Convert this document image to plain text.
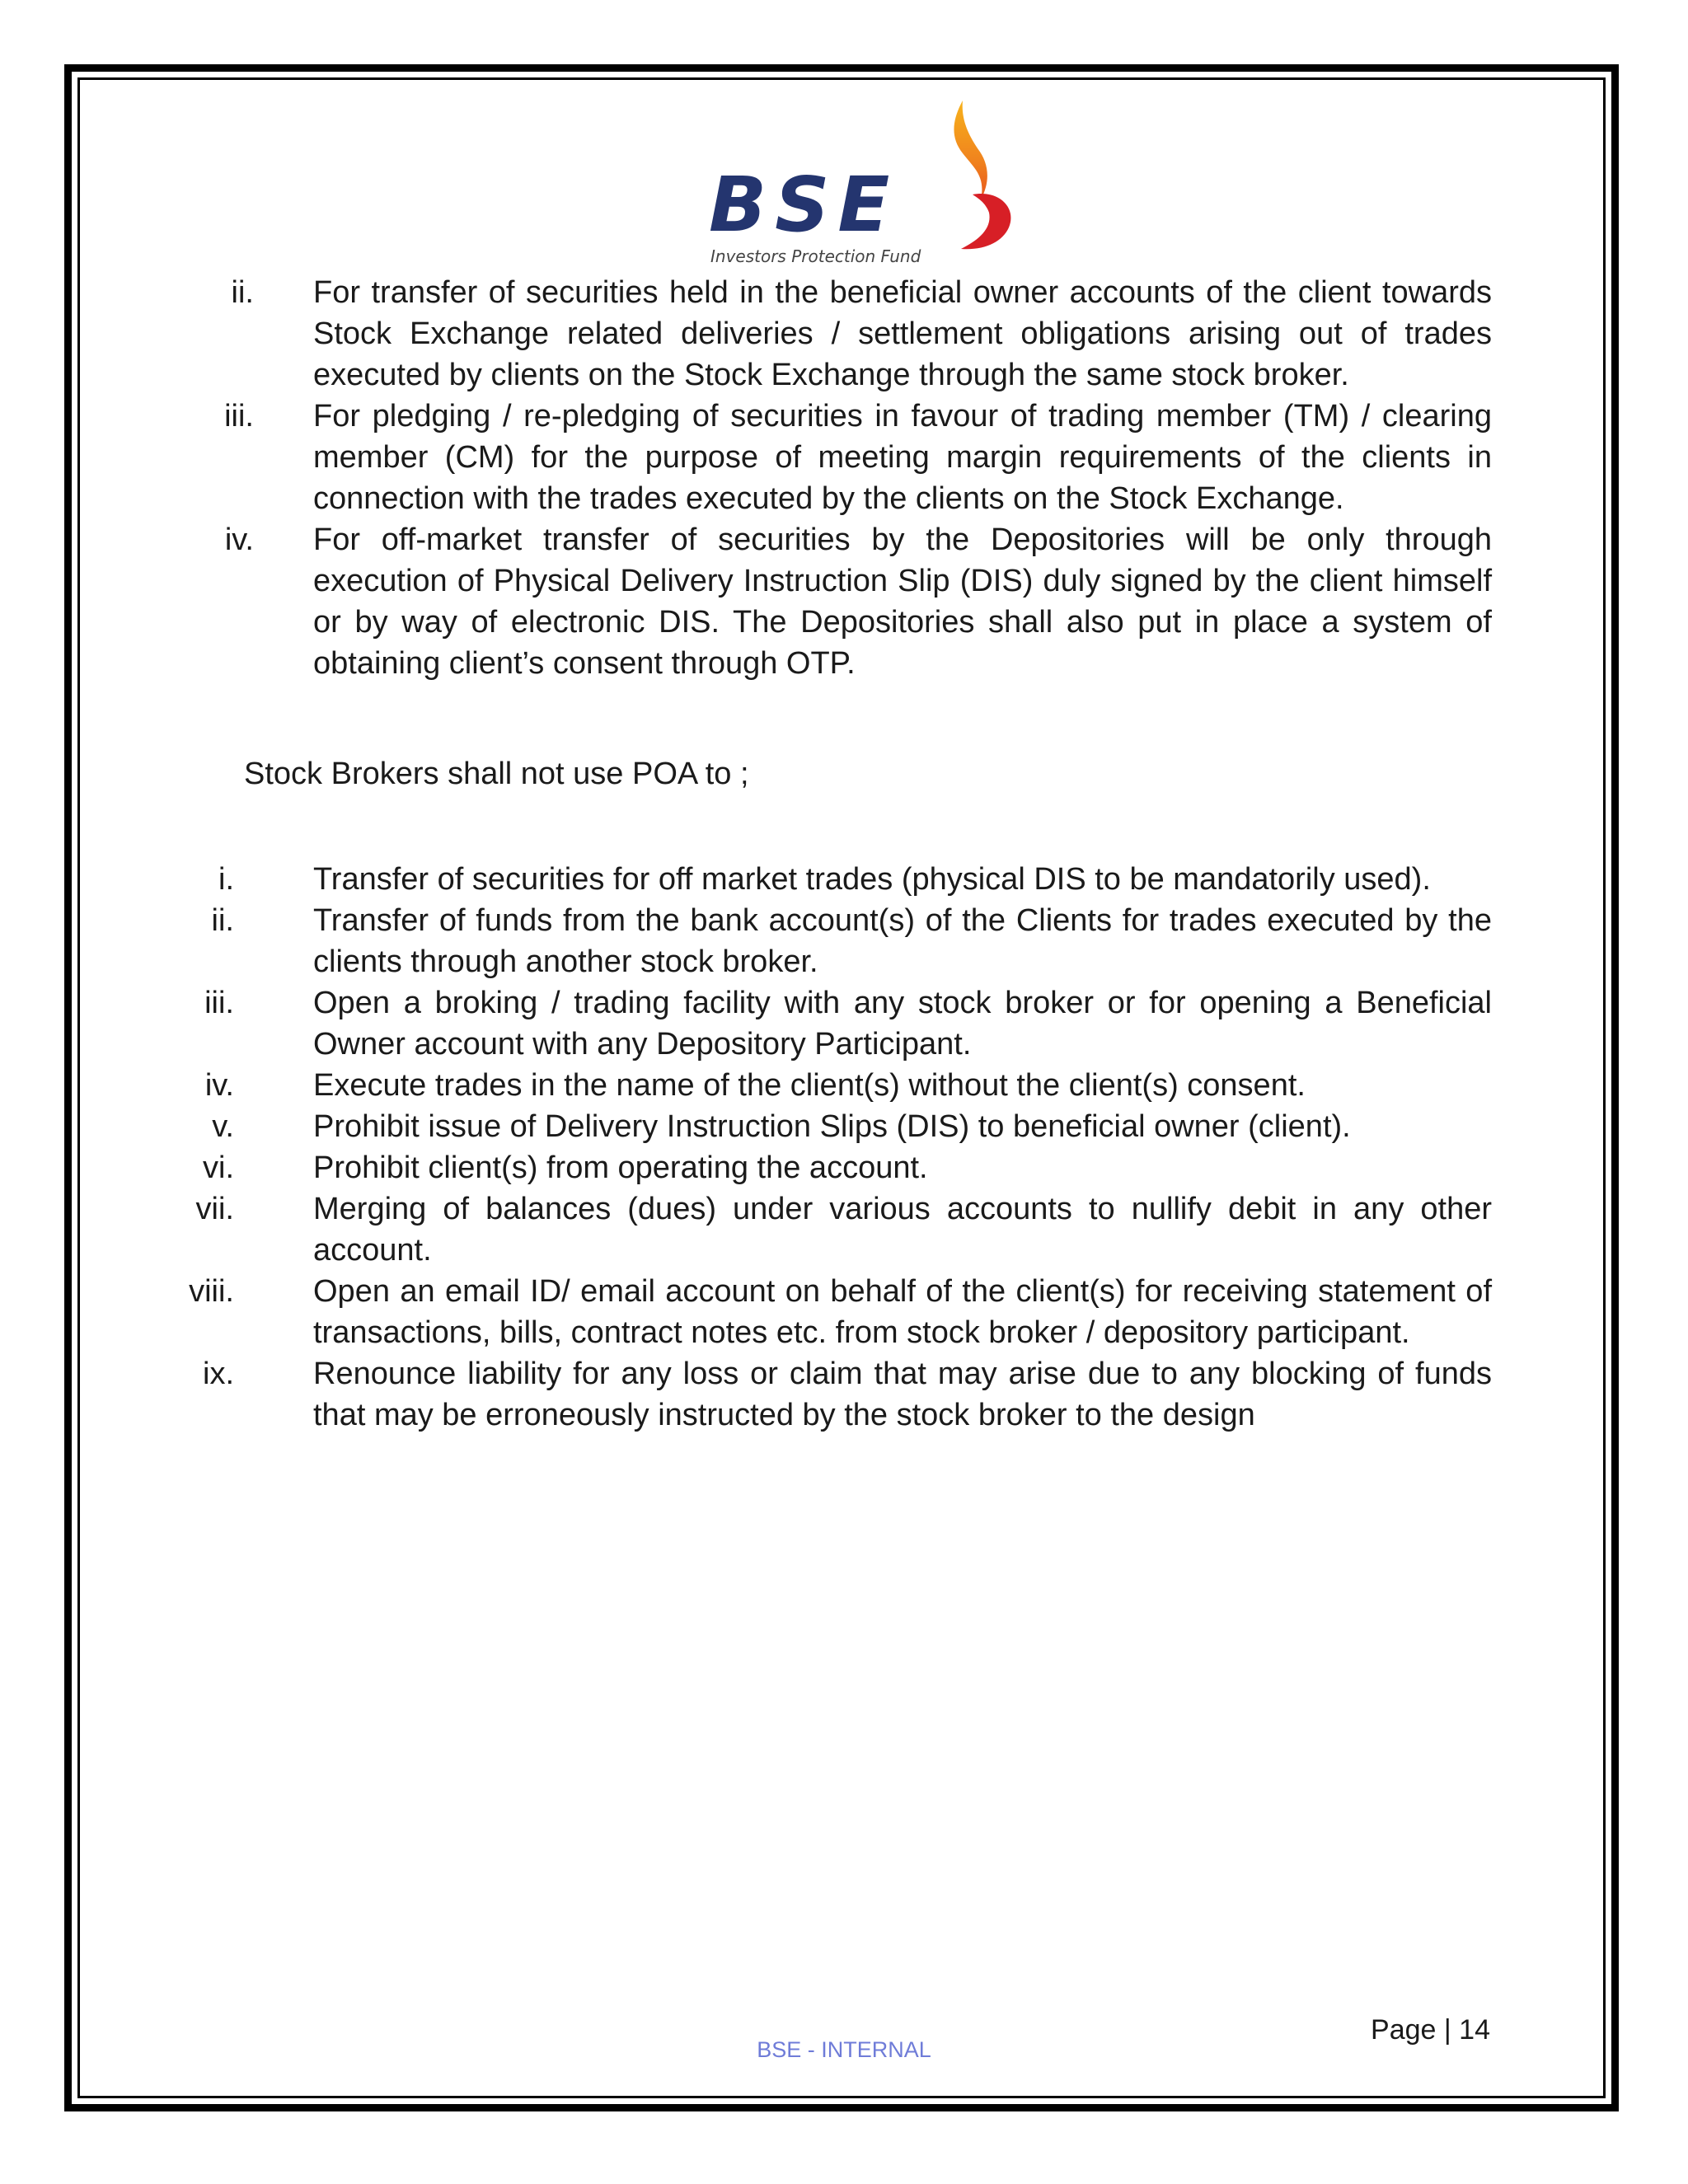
BSE
Investors Protection Fund
ii. For transfer of securities held in the beneficial owner accounts of the client towards Stock Exchange related deliveries / settlement obligations arising out of trades executed by clients on the Stock Exchange through the same stock broker.
iii. For pledging / re-pledging of securities in favour of trading member (TM) / clearing member (CM) for the purpose of meeting margin requirements of the clients in connection with the trades executed by the clients on the Stock Exchange.
iv. For off-market transfer of securities by the Depositories will be only through execution of Physical Delivery Instruction Slip (DIS) duly signed by the client himself or by way of electronic DIS. The Depositories shall also put in place a system of obtaining client’s consent through OTP.
Stock Brokers shall not use POA to ;
i.	Transfer of securities for off market trades (physical DIS to be mandatorily used).
ii.	Transfer of funds from the bank account(s) of the Clients for trades executed by the clients through another stock broker.
iii.	Open a broking / trading facility with any stock broker or for opening a Beneficial Owner account with any Depository Participant.
iv.	Execute trades in the name of the client(s) without the client(s) consent.
v.	Prohibit issue of Delivery Instruction Slips (DIS) to beneficial owner (client).
vi.	Prohibit client(s) from operating the account.
vii.	Merging of balances (dues) under various accounts to nullify debit in any other account.
viii.	Open an email ID/ email account on behalf of the client(s) for receiving statement of transactions, bills, contract notes etc. from stock broker / depository participant.
ix.	Renounce liability for any loss or claim that may arise due to any blocking of funds that may be erroneously instructed by the stock broker to the design
Page | 14
BSE - INTERNAL
